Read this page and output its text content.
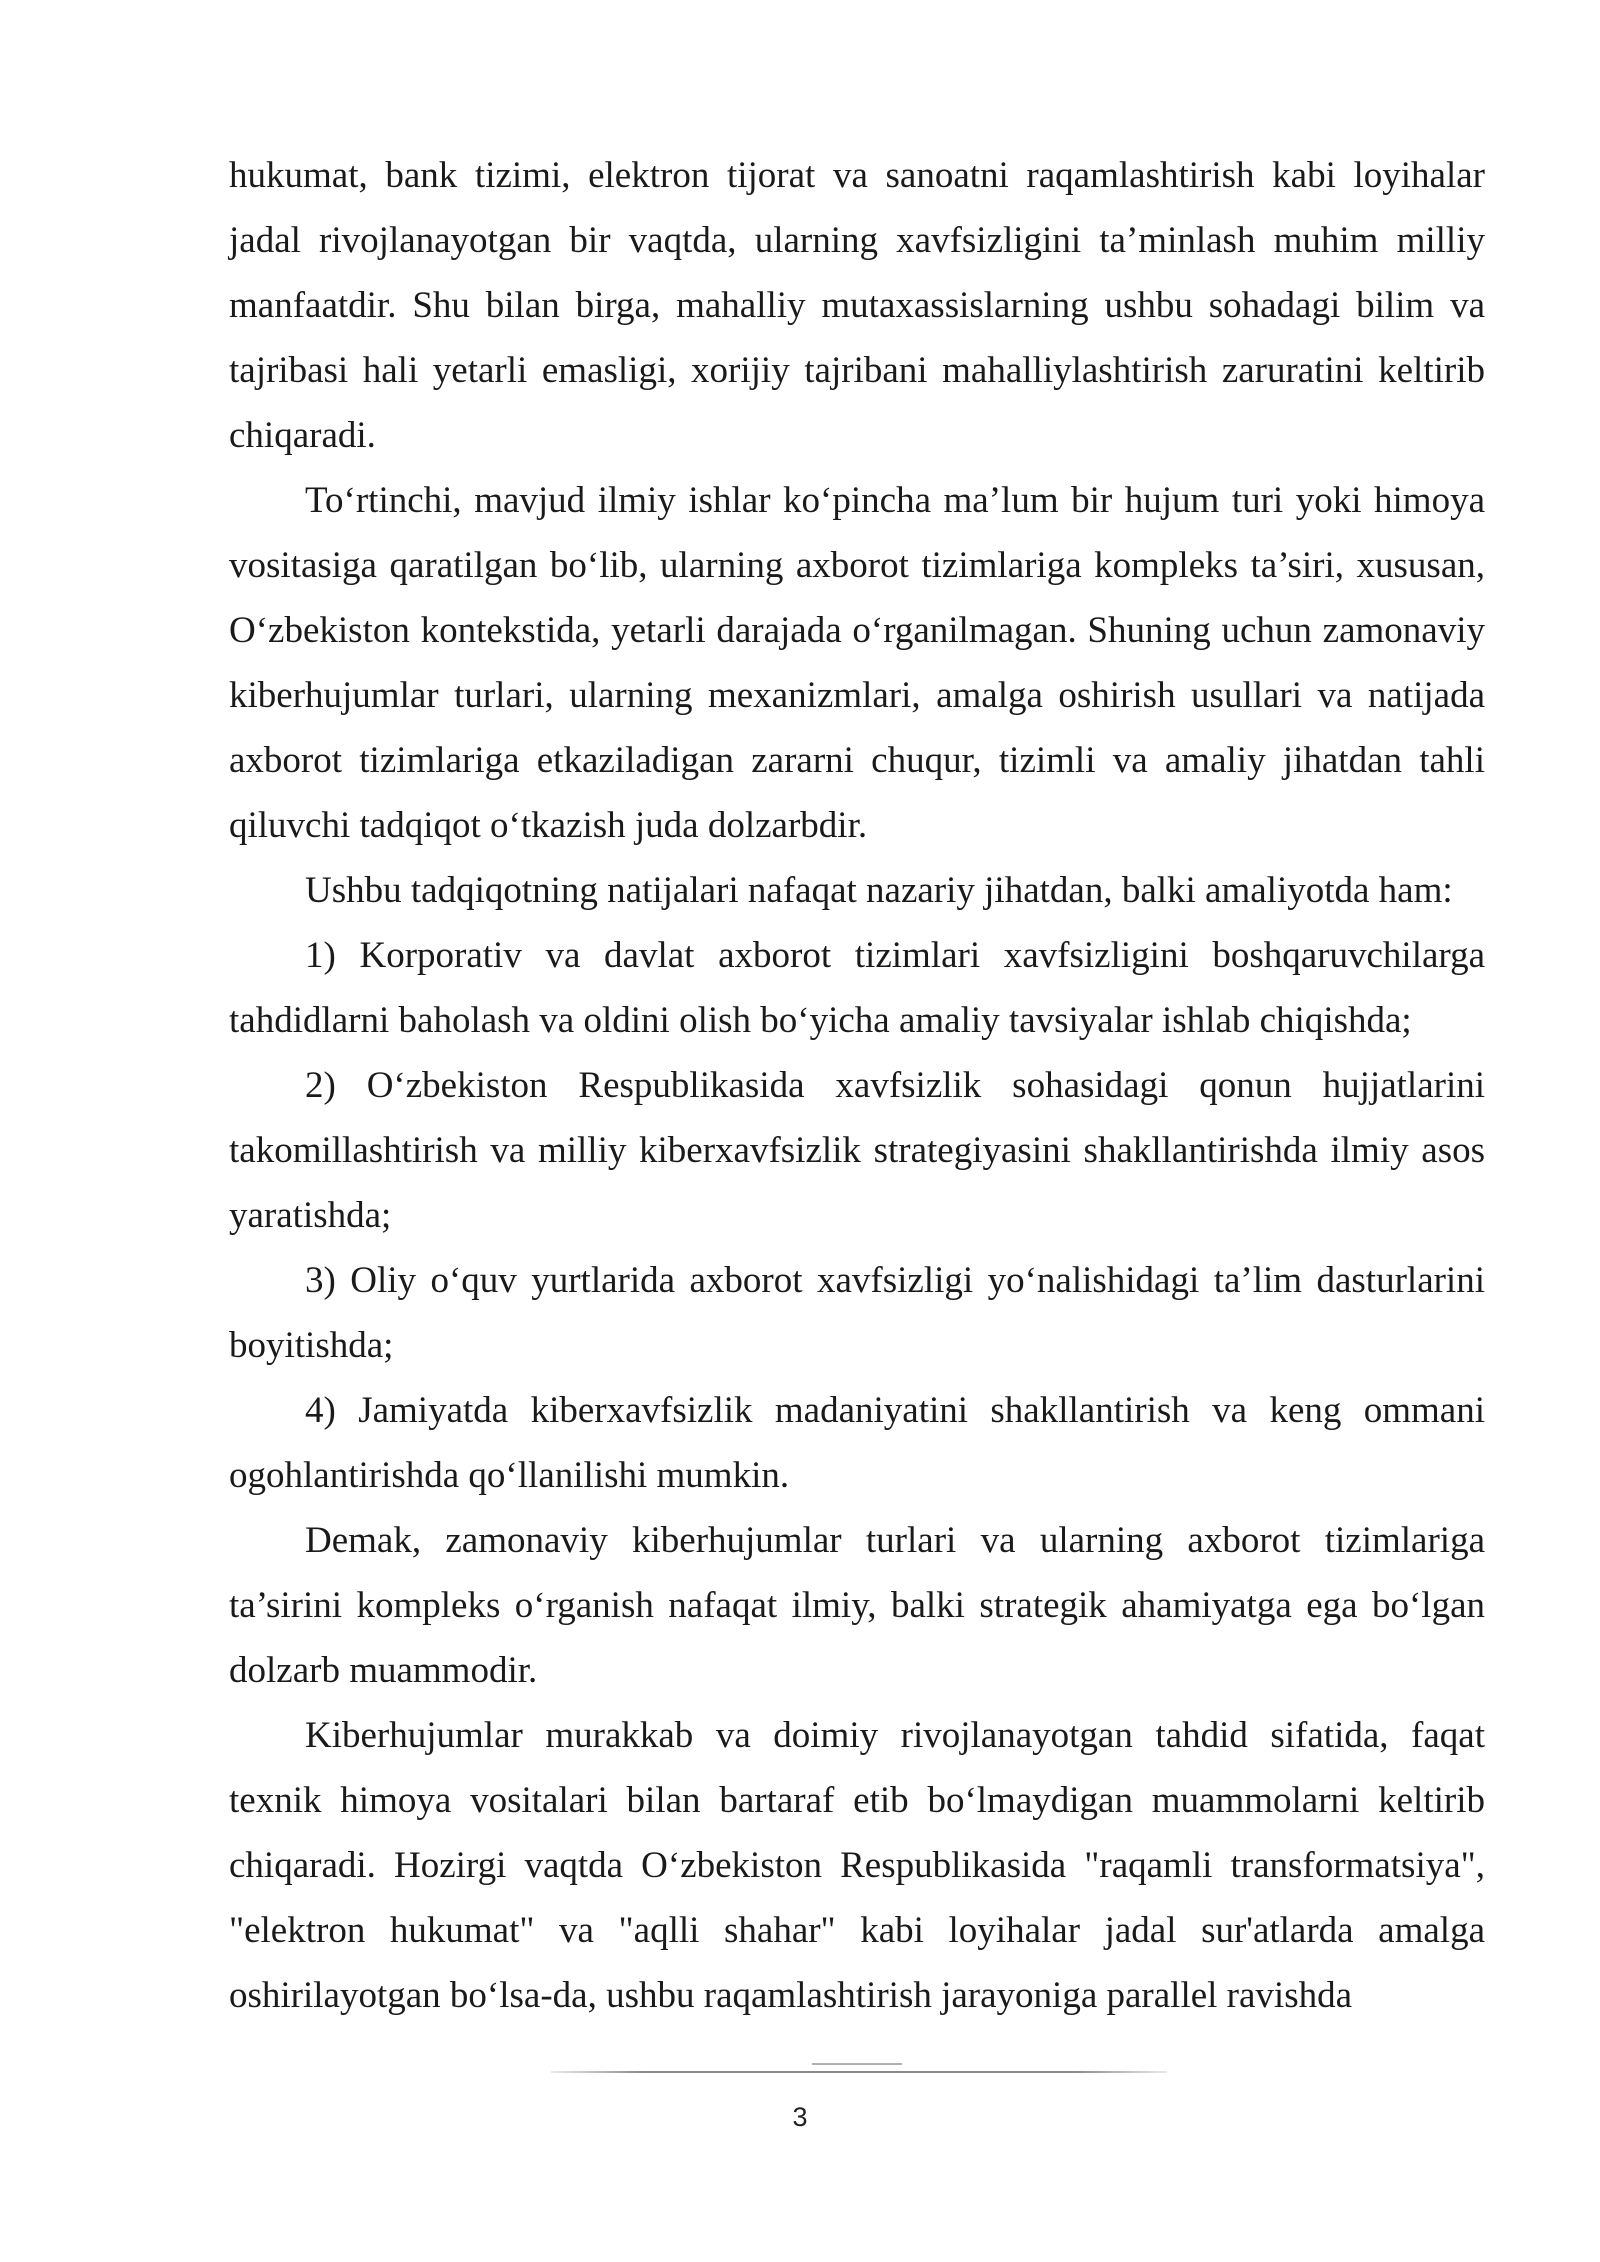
hukumat, bank tizimi, elektron tijorat va sanoatni raqamlashtirish kabi loyihalar jadal rivojlanayotgan bir vaqtda, ularning xavfsizligini ta’minlash muhim milliy manfaatdir. Shu bilan birga, mahalliy mutaxassislarning ushbu sohadagi bilim va tajribasi hali yetarli emasligi, xorijiy tajribani mahalliylashtirish zaruratini keltirib chiqaradi.

To‘rtinchi, mavjud ilmiy ishlar ko‘pincha ma’lum bir hujum turi yoki himoya vositasiga qaratilgan bo‘lib, ularning axborot tizimlariga kompleks ta’siri, xususan, O‘zbekiston kontekstida, yetarli darajada o‘rganilmagan. Shuning uchun zamonaviy kiberhujumlar turlari, ularning mexanizmlari, amalga oshirish usullari va natijada axborot tizimlariga etkaziladigan zararni chuqur, tizimli va amaliy jihatdan tahli qiluvchi tadqiqot o‘tkazish juda dolzarbdir.

Ushbu tadqiqotning natijalari nafaqat nazariy jihatdan, balki amaliyotda ham:

1) Korporativ va davlat axborot tizimlari xavfsizligini boshqaruvchilarga tahdidlarni baholash va oldini olish bo‘yicha amaliy tavsiyalar ishlab chiqishda;

2) O‘zbekiston Respublikasida xavfsizlik sohasidagi qonun hujjatlarini takomillashtirish va milliy kiberxavfsizlik strategiyasini shakllantirishda ilmiy asos yaratishda;

3) Oliy o‘quv yurtlarida axborot xavfsizligi yo‘nalishidagi ta’lim dasturlarini boyitishda;

4) Jamiyatda kiberxavfsizlik madaniyatini shakllantirish va keng ommani ogohlantirishda qo‘llanilishi mumkin.

Demak, zamonaviy kiberhujumlar turlari va ularning axborot tizimlariga ta’sirini kompleks o‘rganish nafaqat ilmiy, balki strategik ahamiyatga ega bo‘lgan dolzarb muammodir.

Kiberhujumlar murakkab va doimiy rivojlanayotgan tahdid sifatida, faqat texnik himoya vositalari bilan bartaraf etib bo‘lmaydigan muammolarni keltirib chiqaradi. Hozirgi vaqtda O‘zbekiston Respublikasida "raqamli transformatsiya", "elektron hukumat" va "aqlli shahar" kabi loyihalar jadal sur'atlarda amalga oshirilayotgan bo‘lsa-da, ushbu raqamlashtirish jarayoniga parallel ravishda

3
